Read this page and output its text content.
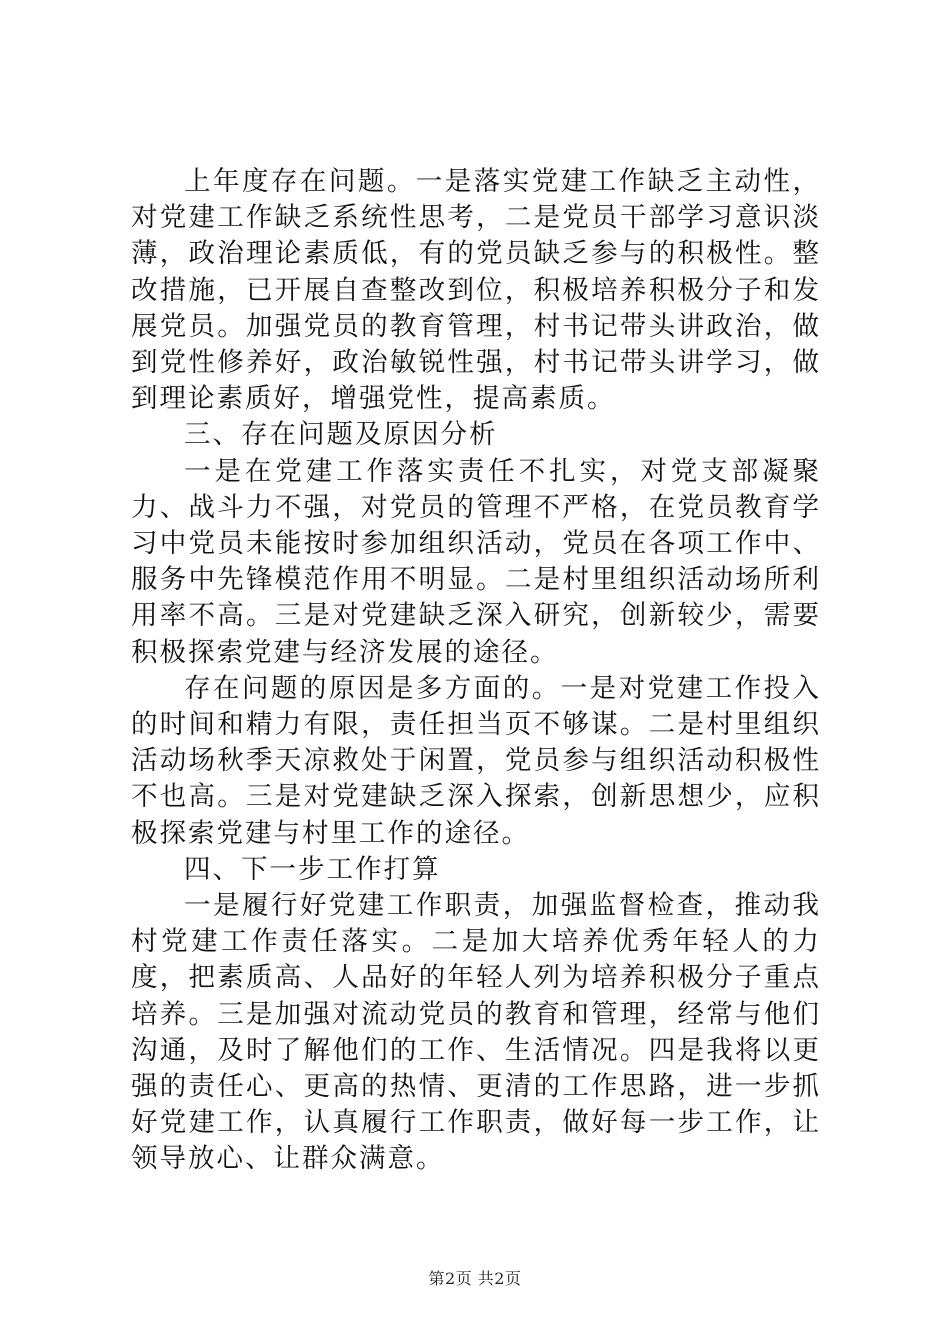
上年度存在问题。一是落实党建工作缺乏主动性，对党建工作缺乏系统性思考，二是党员干部学习意识淡薄，政治理论素质低，有的党员缺乏参与的积极性。整改措施，已开展自查整改到位，积极培养积极分子和发展党员。加强党员的教育管理，村书记带头讲政治，做到党性修养好，政治敏锐性强，村书记带头讲学习，做到理论素质好，增强党性，提高素质。

三、存在问题及原因分析

一是在党建工作落实责任不扎实，对党支部凝聚力、战斗力不强，对党员的管理不严格，在党员教育学习中党员未能按时参加组织活动，党员在各项工作中、服务中先锋模范作用不明显。二是村里组织活动场所利用率不高。三是对党建缺乏深入研究，创新较少，需要积极探索党建与经济发展的途径。

存在问题的原因是多方面的。一是对党建工作投入的时间和精力有限，责任担当页不够谋。二是村里组织活动场秋季天凉救处于闲置，党员参与组织活动积极性不也高。三是对党建缺乏深入探索，创新思想少，应积极探索党建与村里工作的途径。

四、下一步工作打算

一是履行好党建工作职责，加强监督检查，推动我村党建工作责任落实。二是加大培养优秀年轻人的力度，把素质高、人品好的年轻人列为培养积极分子重点培养。三是加强对流动党员的教育和管理，经常与他们沟通，及时了解他们的工作、生活情况。四是我将以更强的责任心、更高的热情、更清的工作思路，进一步抓好党建工作，认真履行工作职责，做好每一步工作，让领导放心、让群众满意。

第2页 共2页
